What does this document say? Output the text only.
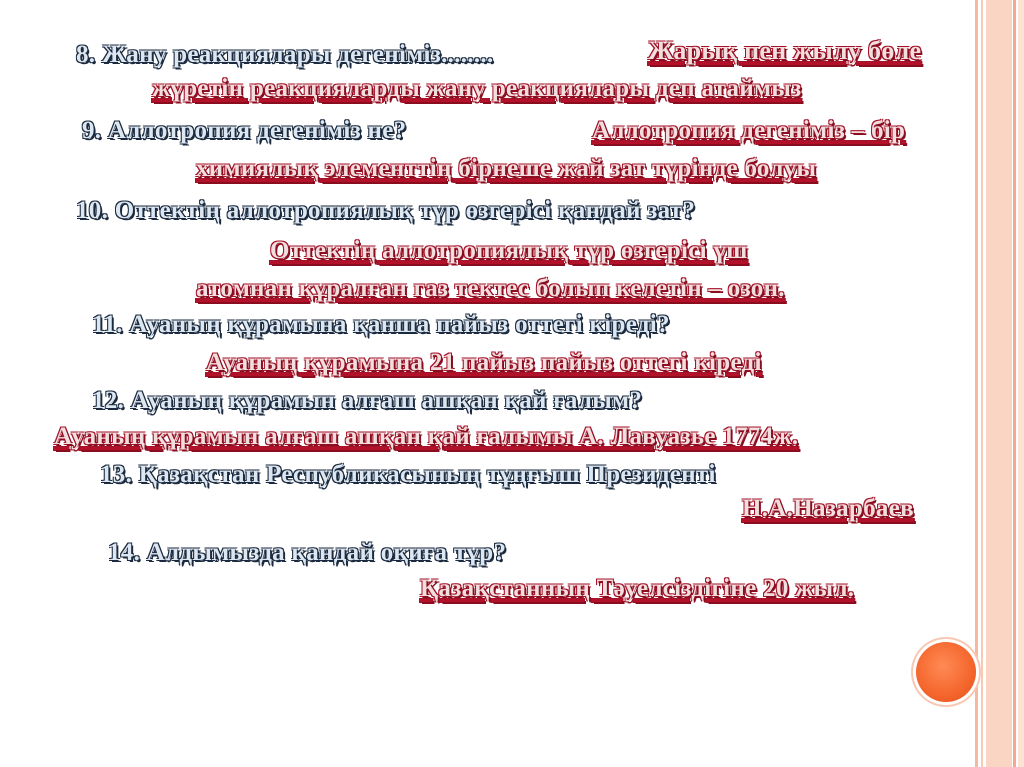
8. Жану реакциялары дегеніміз........	Жарық пен жылу бөле
жүретін реакцияларды жану реакциялары деп атаймыз
9. Аллотропия дегеніміз не?	Аллотропия дегеніміз – бір
химиялық элементтің бірнеше жай зат түрінде болуы
10. Оттектің аллотропиялық түр өзгерісі қандай зат?
Оттектің аллотропиялық түр өзгерісі үш
атомнан құралған газ тектес болып келетін – озон.
11. Ауаның құрамына қанша пайыз оттегі кіреді?
Ауаның құрамына 21 пайыз пайыз оттегі кіреді
12. Ауаның құрамын алғаш ашқан қай ғалым?
Ауаның құрамын алғаш ашқан қай ғалымы А. Лавуазье 1774ж.
13. Қазақстан Республикасының тұңғыш Президенті
Н.А.Назарбаев
14. Алдымызда қандай оқиға тұр?
Қазақстанның Тәуелсіздігіне 20 жыл.
